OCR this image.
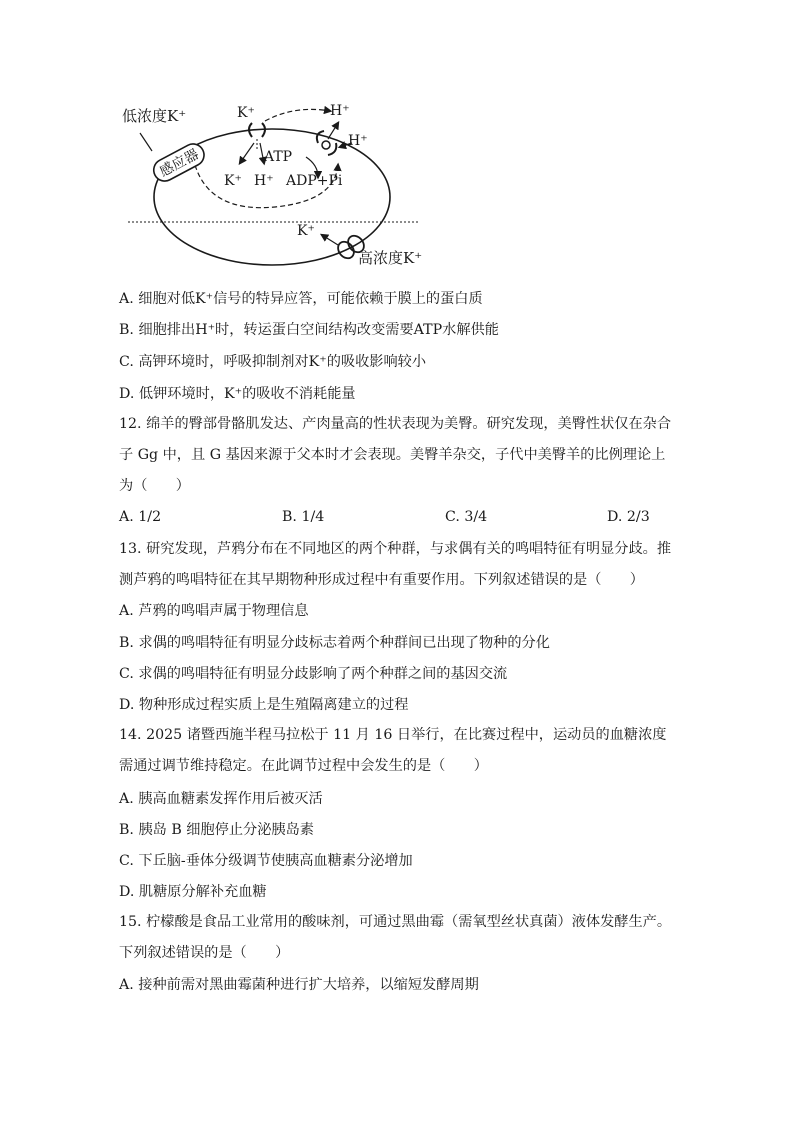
感应器
低浓度K⁺	K⁺	H⁺
H⁺
ATP
K⁺ H⁺ ADP+Pi
K⁺
高浓度K⁺
A. 细胞对低K⁺信号的特异应答，可能依赖于膜上的蛋白质
B. 细胞排出H⁺时，转运蛋白空间结构改变需要ATP水解供能
C. 高钾环境时，呼吸抑制剂对K⁺的吸收影响较小
D. 低钾环境时，K⁺的吸收不消耗能量
12. 绵羊的臀部骨骼肌发达、产肉量高的性状表现为美臀。研究发现，美臀性状仅在杂合子 Gg 中，且 G 基因来源于父本时才会表现。美臀羊杂交，子代中美臀羊的比例理论上为（　　）
A. 1/2	B. 1/4	C. 3/4	D. 2/3
13. 研究发现，芦鸦分布在不同地区的两个种群，与求偶有关的鸣唱特征有明显分歧。推测芦鸦的鸣唱特征在其早期物种形成过程中有重要作用。下列叙述错误的是（　　）
A. 芦鸦的鸣唱声属于物理信息
B. 求偶的鸣唱特征有明显分歧标志着两个种群间已出现了物种的分化
C. 求偶的鸣唱特征有明显分歧影响了两个种群之间的基因交流
D. 物种形成过程实质上是生殖隔离建立的过程
14. 2025 诸暨西施半程马拉松于 11 月 16 日举行，在比赛过程中，运动员的血糖浓度需通过调节维持稳定。在此调节过程中会发生的是（　　）
A. 胰高血糖素发挥作用后被灭活
B. 胰岛 B 细胞停止分泌胰岛素
C. 下丘脑-垂体分级调节使胰高血糖素分泌增加
D. 肌糖原分解补充血糖
15. 柠檬酸是食品工业常用的酸味剂，可通过黑曲霉（需氧型丝状真菌）液体发酵生产。下列叙述错误的是（　　）
A. 接种前需对黑曲霉菌种进行扩大培养，以缩短发酵周期
